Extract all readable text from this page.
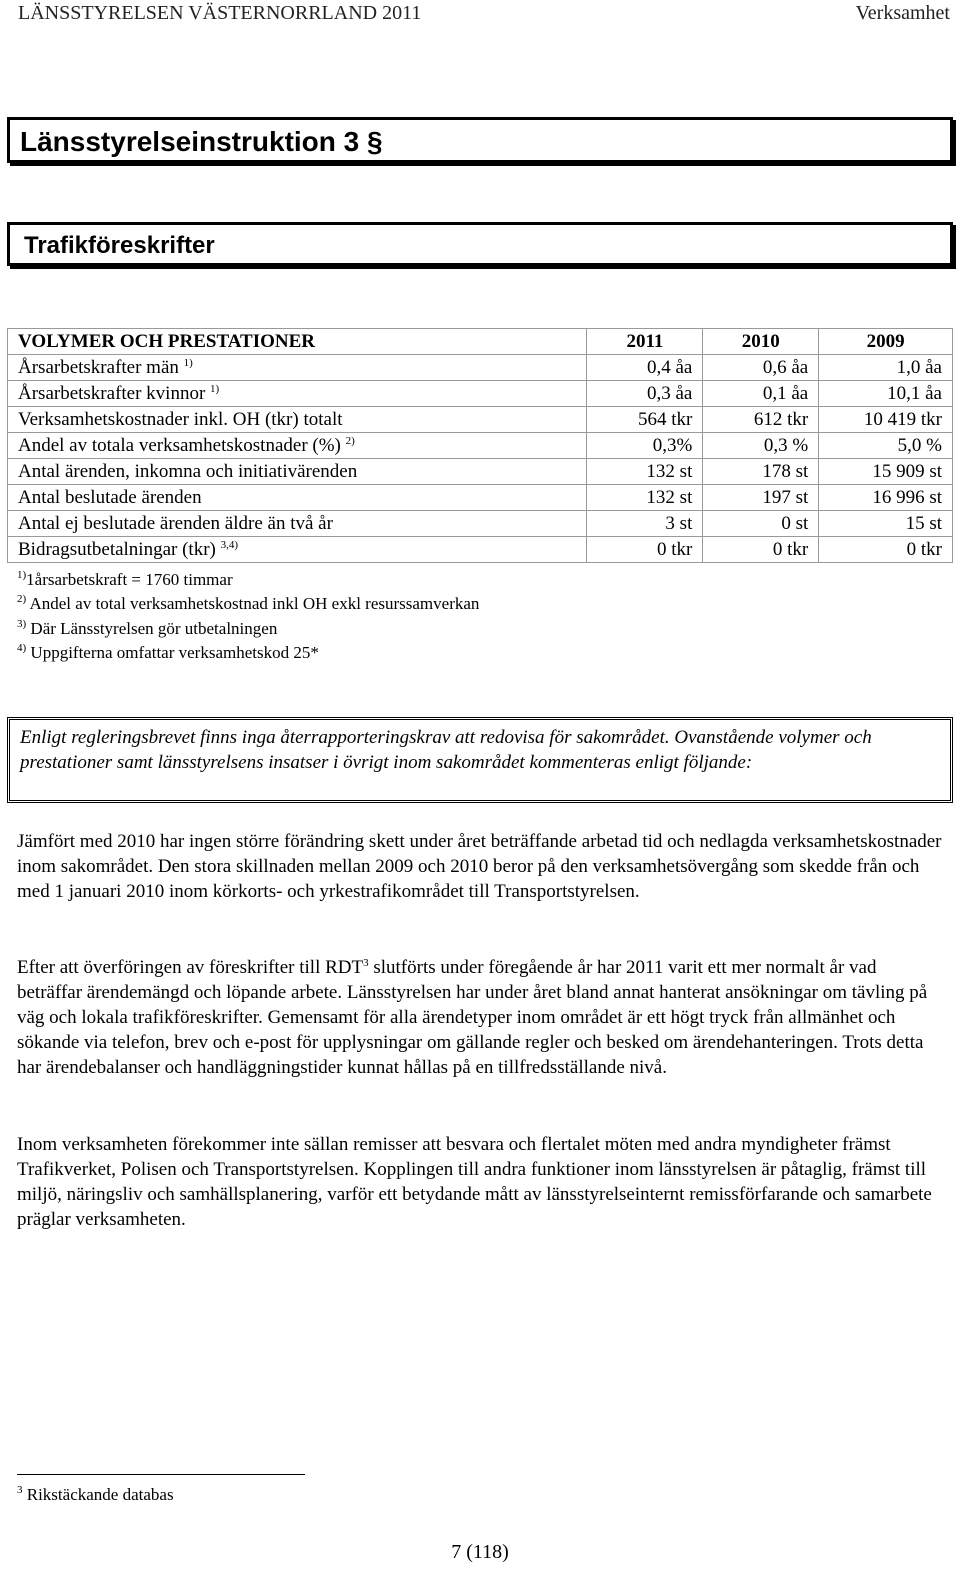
LÄNSSTYRELSEN VÄSTERNORRLAND 2011	Verksamhet
Länsstyrelseinstruktion 3 §
Trafikföreskrifter
VOLYMER OCH PRESTATIONER	2011	2010	2009
Årsarbetskrafter män $^{1)}$	0,4 åa	0,6 åa	1,0 åa
Årsarbetskrafter kvinnor $^{1)}$	0,3 åa	0,1 åa	10,1 åa
Verksamhetskostnader inkl. OH (tkr) totalt	564 tkr	612 tkr	10 419 tkr
Andel av totala verksamhetskostnader (%) $^{2)}$	0,3%	0,3 %	5,0 %
Antal ärenden, inkomna och initiativärenden	132 st	178 st	15 909 st
Antal beslutade ärenden	132 st	197 st	16 996 st
Antal ej beslutade ärenden äldre än två år	3 st	0 st	15 st
Bidragsutbetalningar (tkr) $^{3,4)}$	0 tkr	0 tkr	0 tkr
$^{1)}$1årsarbetskraft = 1760 timmar
$^{2)}$ Andel av total verksamhetskostnad inkl OH exkl resurssamverkan
$^{3)}$ Där Länsstyrelsen gör utbetalningen
$^{4)}$ Uppgifterna omfattar verksamhetskod 25*
Enligt regleringsbrevet finns inga återrapporteringskrav att redovisa för sakområdet. Ovanstående volymer och prestationer samt länsstyrelsens insatser i övrigt inom sakområdet kommenteras enligt följande:

Jämfört med 2010 har ingen större förändring skett under året beträffande arbetad tid och nedlagda verksamhetskostnader inom sakområdet. Den stora skillnaden mellan 2009 och 2010 beror på den verksamhetsövergång som skedde från och med 1 januari 2010 inom körkorts- och yrkestrafikområdet till Transportstyrelsen.

Efter att överföringen av föreskrifter till RDT$^3$ slutförts under föregående år har 2011 varit ett mer normalt år vad beträffar ärendemängd och löpande arbete. Länsstyrelsen har under året bland annat hanterat ansökningar om tävling på väg och lokala trafikföreskrifter. Gemensamt för alla ärendetyper inom området är ett högt tryck från allmänhet och sökande via telefon, brev och e-post för upplysningar om gällande regler och besked om ärendehanteringen. Trots detta har ärendebalanser och handläggningstider kunnat hållas på en tillfredsställande nivå.

Inom verksamheten förekommer inte sällan remisser att besvara och flertalet möten med andra myndigheter främst Trafikverket, Polisen och Transportstyrelsen. Kopplingen till andra funktioner inom länsstyrelsen är påtaglig, främst till miljö, näringsliv och samhällsplanering, varför ett betydande mått av länsstyrelseinternt remissförfarande och samarbete präglar verksamheten.

$^3$ Rikstäckande databas
7 (118)
